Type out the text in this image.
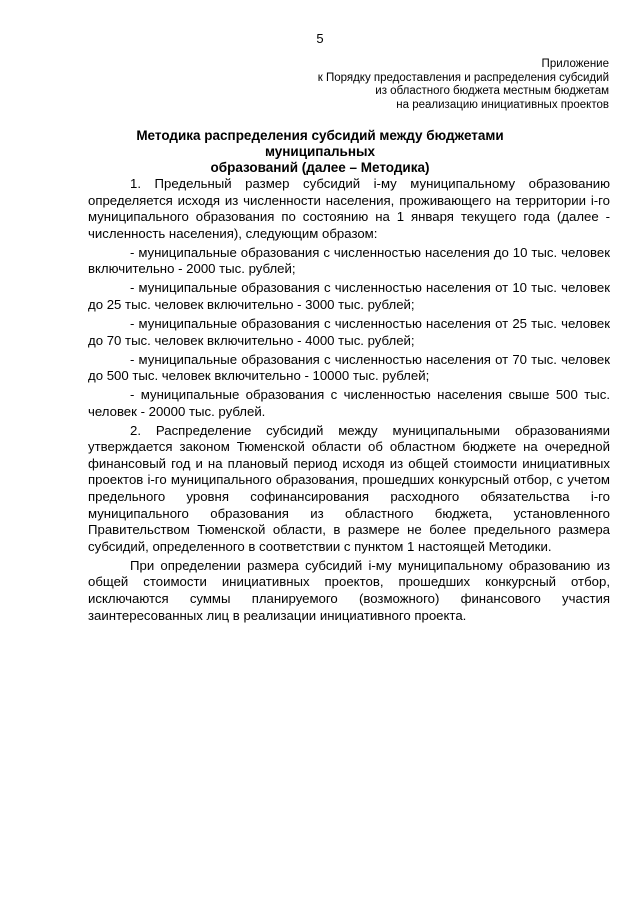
5
Приложение
к Порядку предоставления и распределения субсидий
из областного бюджета местным бюджетам
на реализацию инициативных проектов
Методика распределения субсидий между бюджетами муниципальных
образований (далее – Методика)

1. Предельный размер субсидий i-му муниципальному образованию определяется исходя из численности населения, проживающего на территории i-го муниципального образования по состоянию на 1 января текущего года (далее - численность населения), следующим образом:

- муниципальные образования с численностью населения до 10 тыс. человек включительно - 2000 тыс. рублей;

- муниципальные образования с численностью населения от 10 тыс. человек до 25 тыс. человек включительно - 3000 тыс. рублей;

- муниципальные образования с численностью населения от 25 тыс. человек до 70 тыс. человек включительно - 4000 тыс. рублей;

- муниципальные образования с численностью населения от 70 тыс. человек до 500 тыс. человек включительно - 10000 тыс. рублей;

- муниципальные образования с численностью населения свыше 500 тыс. человек - 20000 тыс. рублей.

2. Распределение субсидий между муниципальными образованиями утверждается законом Тюменской области об областном бюджете на очередной финансовый год и на плановый период исходя из общей стоимости инициативных проектов i-го муниципального образования, прошедших конкурсный отбор, с учетом предельного уровня софинансирования расходного обязательства i-го муниципального образования из областного бюджета, установленного Правительством Тюменской области, в размере не более предельного размера субсидий, определенного в соответствии с пунктом 1 настоящей Методики.

При определении размера субсидий i-му муниципальному образованию из общей стоимости инициативных проектов, прошедших конкурсный отбор, исключаются суммы планируемого (возможного) финансового участия заинтересованных лиц в реализации инициативного проекта.
